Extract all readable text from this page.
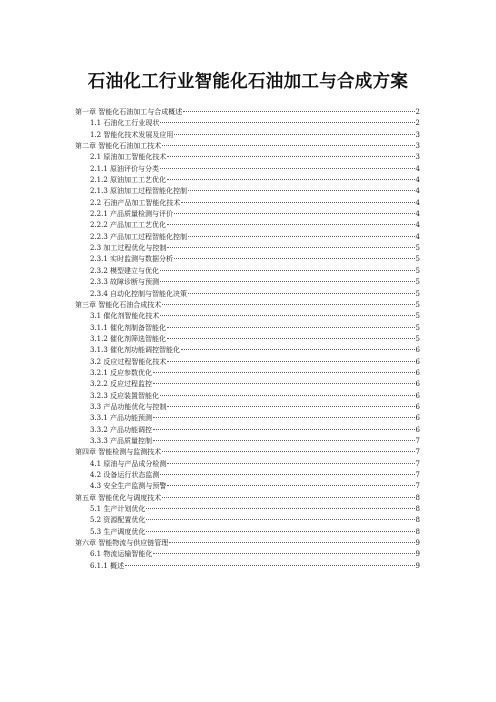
石油化工行业智能化石油加工与合成方案
第一章 智能化石油加工与合成概述	2
1.1 石油化工行业现状	2
1.2 智能化技术发展及应用	3
第二章 智能化石油加工技术	3
2.1 原油加工智能化技术	3
2.1.1 原油评价与分类	4
2.1.2 原油加工工艺优化	4
2.1.3 原油加工过程智能化控制	4
2.2 石油产品加工智能化技术	4
2.2.1 产品质量检测与评价	4
2.2.2 产品加工工艺优化	4
2.2.3 产品加工过程智能化控制	4
2.3 加工过程优化与控制	5
2.3.1 实时监测与数据分析	5
2.3.2 模型建立与优化	5
2.3.3 故障诊断与预测	5
2.3.4 自动化控制与智能化决策	5
第三章 智能化石油合成技术	5
3.1 催化剂智能化技术	5
3.1.1 催化剂制备智能化	5
3.1.2 催化剂筛选智能化	5
3.1.3 催化剂功能调控智能化	6
3.2 反应过程智能化技术	6
3.2.1 反应参数优化	6
3.2.2 反应过程监控	6
3.2.3 反应装置智能化	6
3.3 产品功能优化与控制	6
3.3.1 产品功能预测	6
3.3.2 产品功能调控	6
3.3.3 产品质量控制	7
第四章 智能检测与监测技术	7
4.1 原油与产品成分检测	7
4.2 设备运行状态监测	7
4.3 安全生产监测与预警	7
第五章 智能优化与调度技术	8
5.1 生产计划优化	8
5.2 资源配置优化	8
5.3 生产调度优化	8
第六章 智能物流与供应链管理	9
6.1 物流运输智能化	9
6.1.1 概述	9
